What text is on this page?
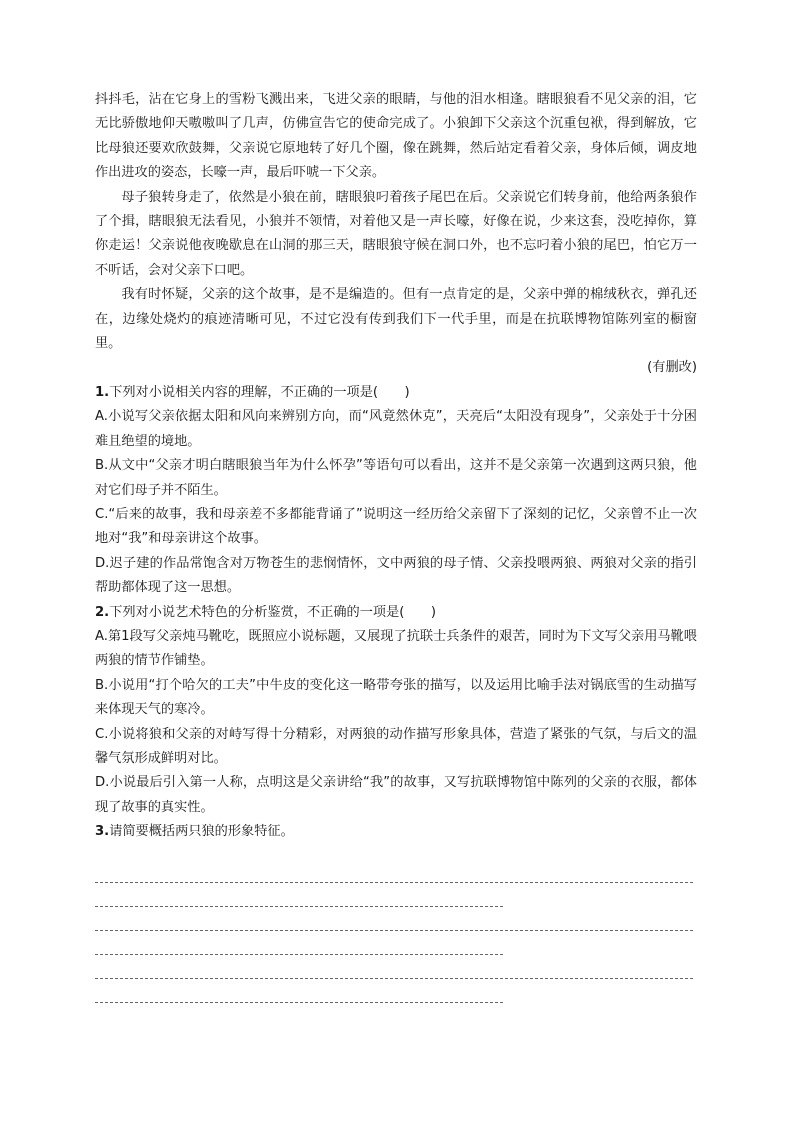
抖抖毛，沾在它身上的雪粉飞溅出来，飞进父亲的眼睛，与他的泪水相逢。瞎眼狼看不见父亲的泪，它无比骄傲地仰天嗷嗷叫了几声，仿佛宣告它的使命完成了。小狼卸下父亲这个沉重包袱，得到解放，它比母狼还要欢欣鼓舞，父亲说它原地转了好几个圈，像在跳舞，然后站定看着父亲，身体后倾，调皮地作出进攻的姿态，长嚎一声，最后吓唬一下父亲。

母子狼转身走了，依然是小狼在前，瞎眼狼叼着孩子尾巴在后。父亲说它们转身前，他给两条狼作了个揖，瞎眼狼无法看见，小狼并不领情，对着他又是一声长嚎，好像在说，少来这套，没吃掉你，算你走运！父亲说他夜晚歇息在山洞的那三天，瞎眼狼守候在洞口外，也不忘叼着小狼的尾巴，怕它万一不听话，会对父亲下口吧。

我有时怀疑，父亲的这个故事，是不是编造的。但有一点肯定的是，父亲中弹的棉绒秋衣，弹孔还在，边缘处烧灼的痕迹清晰可见，不过它没有传到我们下一代手里，而是在抗联博物馆陈列室的橱窗里。

(有删改)

1.下列对小说相关内容的理解，不正确的一项是(　　)

A.小说写父亲依据太阳和风向来辨别方向，而“风竟然休克”，天亮后“太阳没有现身”，父亲处于十分困难且绝望的境地。

B.从文中“父亲才明白瞎眼狼当年为什么怀孕”等语句可以看出，这并不是父亲第一次遇到这两只狼，他对它们母子并不陌生。

C.“后来的故事，我和母亲差不多都能背诵了”说明这一经历给父亲留下了深刻的记忆，父亲曾不止一次地对“我”和母亲讲这个故事。

D.迟子建的作品常饱含对万物苍生的悲悯情怀，文中两狼的母子情、父亲投喂两狼、两狼对父亲的指引帮助都体现了这一思想。

2.下列对小说艺术特色的分析鉴赏，不正确的一项是(　　)

A.第1段写父亲炖马靴吃，既照应小说标题，又展现了抗联士兵条件的艰苦，同时为下文写父亲用马靴喂两狼的情节作铺垫。

B.小说用“打个哈欠的工夫”中牛皮的变化这一略带夸张的描写，以及运用比喻手法对锅底雪的生动描写来体现天气的寒冷。

C.小说将狼和父亲的对峙写得十分精彩，对两狼的动作描写形象具体，营造了紧张的气氛，与后文的温馨气氛形成鲜明对比。

D.小说最后引入第一人称，点明这是父亲讲给“我”的故事，又写抗联博物馆中陈列的父亲的衣服，都体现了故事的真实性。

3.请简要概括两只狼的形象特征。
